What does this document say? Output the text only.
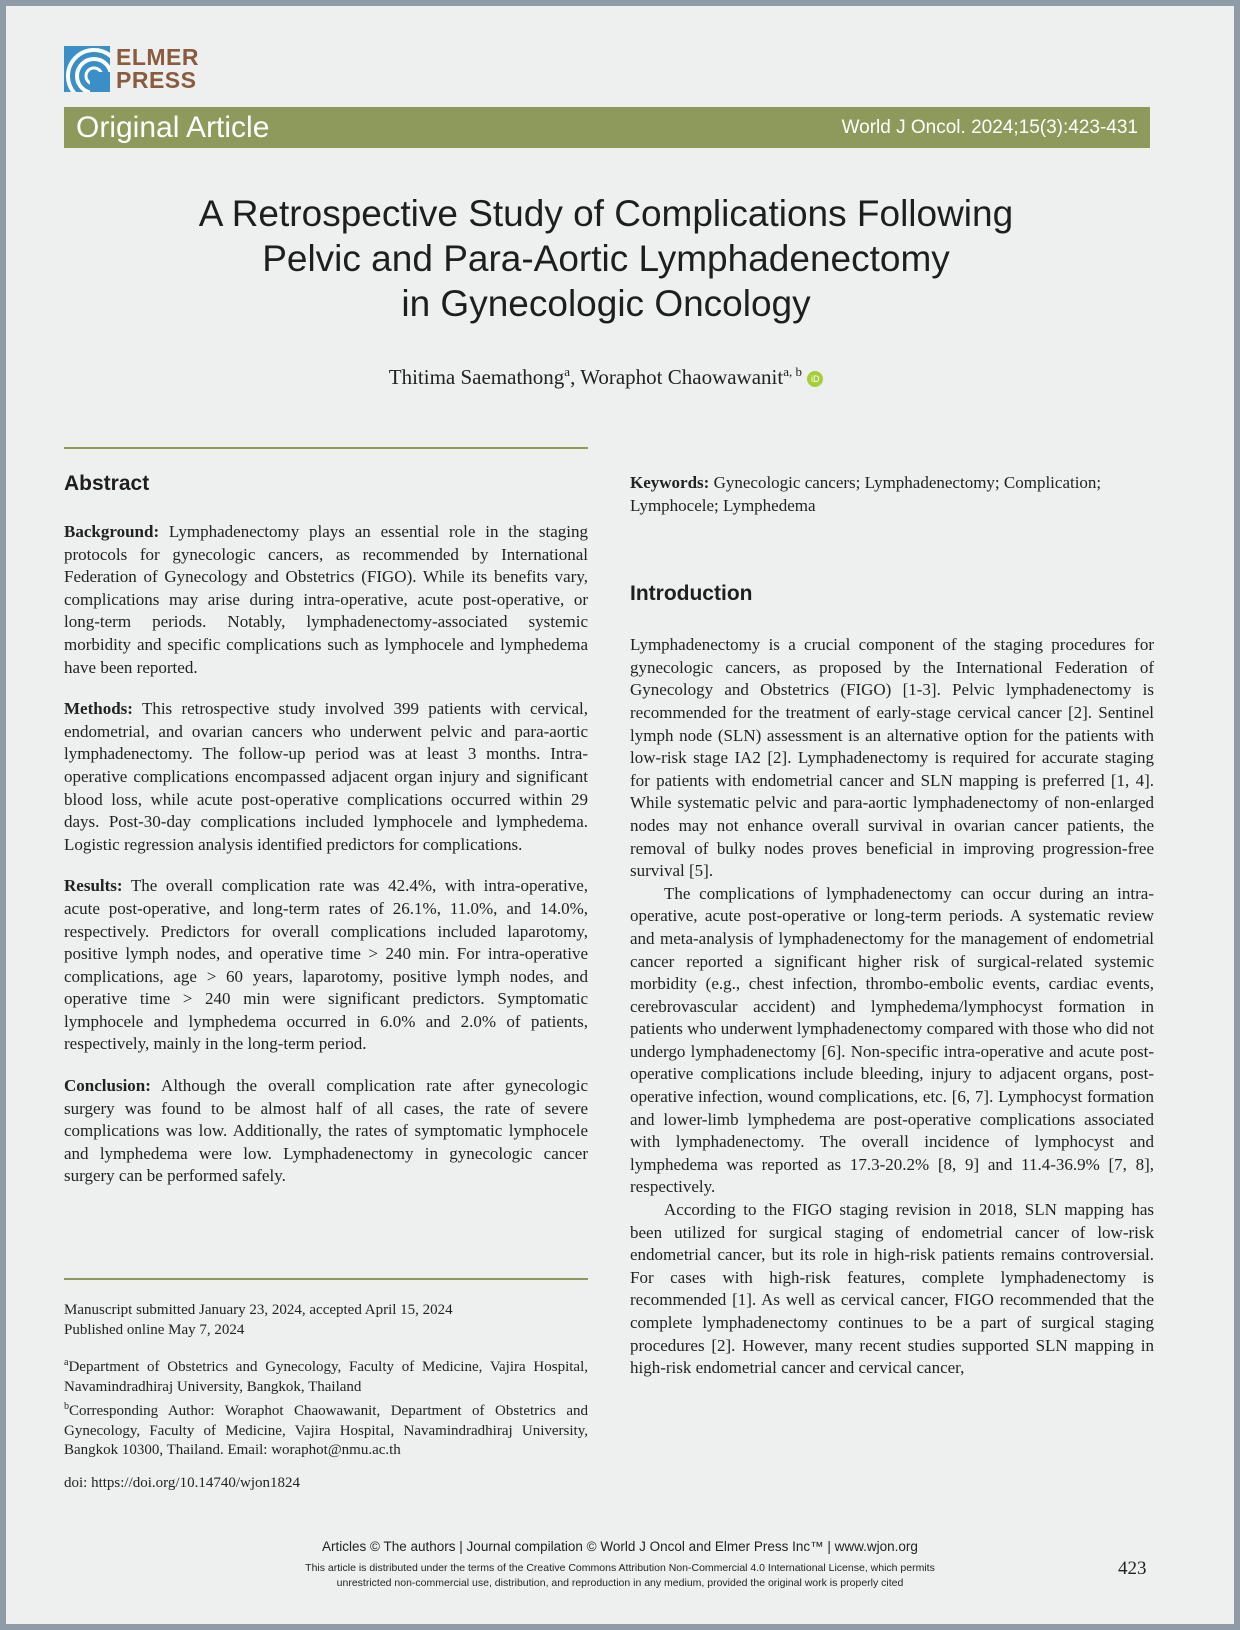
ELMER
PRESS
Original Article	World J Oncol. 2024;15(3):423-431
A Retrospective Study of Complications Following
Pelvic and Para-Aortic Lymphadenectomy
in Gynecologic Oncology
Thitima Saemathong$^a$, Woraphot Chaowawanit$^{a, b}$ iD
Abstract

Background: Lymphadenectomy plays an essential role in the staging protocols for gynecologic cancers, as recommended by International Federation of Gynecology and Obstetrics (FIGO). While its benefits vary, complications may arise during intra-operative, acute post-operative, or long-term periods. Notably, lymphadenectomy-associated systemic morbidity and specific complications such as lymphocele and lymphedema have been reported.

Methods: This retrospective study involved 399 patients with cervical, endometrial, and ovarian cancers who underwent pelvic and para-aortic lymphadenectomy. The follow-up period was at least 3 months. Intra-operative complications encompassed adjacent organ injury and significant blood loss, while acute post-operative complications occurred within 29 days. Post-30-day complications included lymphocele and lymphedema. Logistic regression analysis identified predictors for complications.

Results: The overall complication rate was 42.4%, with intra-operative, acute post-operative, and long-term rates of 26.1%, 11.0%, and 14.0%, respectively. Predictors for overall complications included laparotomy, positive lymph nodes, and operative time > 240 min. For intra-operative complications, age > 60 years, laparotomy, positive lymph nodes, and operative time > 240 min were significant predictors. Symptomatic lymphocele and lymphedema occurred in 6.0% and 2.0% of patients, respectively, mainly in the long-term period.

Conclusion: Although the overall complication rate after gynecologic surgery was found to be almost half of all cases, the rate of severe complications was low. Additionally, the rates of symptomatic lymphocele and lymphedema were low. Lymphadenectomy in gynecologic cancer surgery can be performed safely.

Manuscript submitted January 23, 2024, accepted April 15, 2024
Published online May 7, 2024

$^a$Department of Obstetrics and Gynecology, Faculty of Medicine, Vajira Hospital, Navamindradhiraj University, Bangkok, Thailand

$^b$Corresponding Author: Woraphot Chaowawanit, Department of Obstetrics and Gynecology, Faculty of Medicine, Vajira Hospital, Navamindradhiraj University, Bangkok 10300, Thailand. Email: woraphot@nmu.ac.th

doi: https://doi.org/10.14740/wjon1824

Keywords: Gynecologic cancers; Lymphadenectomy; Complication; Lymphocele; Lymphedema

Introduction

Lymphadenectomy is a crucial component of the staging procedures for gynecologic cancers, as proposed by the International Federation of Gynecology and Obstetrics (FIGO) [1-3]. Pelvic lymphadenectomy is recommended for the treatment of early-stage cervical cancer [2]. Sentinel lymph node (SLN) assessment is an alternative option for the patients with low-risk stage IA2 [2]. Lymphadenectomy is required for accurate staging for patients with endometrial cancer and SLN mapping is preferred [1, 4]. While systematic pelvic and para-aortic lymphadenectomy of non-enlarged nodes may not enhance overall survival in ovarian cancer patients, the removal of bulky nodes proves beneficial in improving progression-free survival [5].

The complications of lymphadenectomy can occur during an intra-operative, acute post-operative or long-term periods. A systematic review and meta-analysis of lymphadenectomy for the management of endometrial cancer reported a significant higher risk of surgical-related systemic morbidity (e.g., chest infection, thrombo-embolic events, cardiac events, cerebrovascular accident) and lymphedema/lymphocyst formation in patients who underwent lymphadenectomy compared with those who did not undergo lymphadenectomy [6]. Non-specific intra-operative and acute post-operative complications include bleeding, injury to adjacent organs, post-operative infection, wound complications, etc. [6, 7]. Lymphocyst formation and lower-limb lymphedema are post-operative complications associated with lymphadenectomy. The overall incidence of lymphocyst and lymphedema was reported as 17.3-20.2% [8, 9] and 11.4-36.9% [7, 8], respectively.

According to the FIGO staging revision in 2018, SLN mapping has been utilized for surgical staging of endometrial cancer of low-risk endometrial cancer, but its role in high-risk patients remains controversial. For cases with high-risk features, complete lymphadenectomy is recommended [1]. As well as cervical cancer, FIGO recommended that the complete lymphadenectomy continues to be a part of surgical staging procedures [2]. However, many recent studies supported SLN mapping in high-risk endometrial cancer and cervical cancer,

Articles © The authors | Journal compilation © World J Oncol and Elmer Press Inc™ | www.wjon.org
This article is distributed under the terms of the Creative Commons Attribution Non-Commercial 4.0 International License, which permits
unrestricted non-commercial use, distribution, and reproduction in any medium, provided the original work is properly cited
423
